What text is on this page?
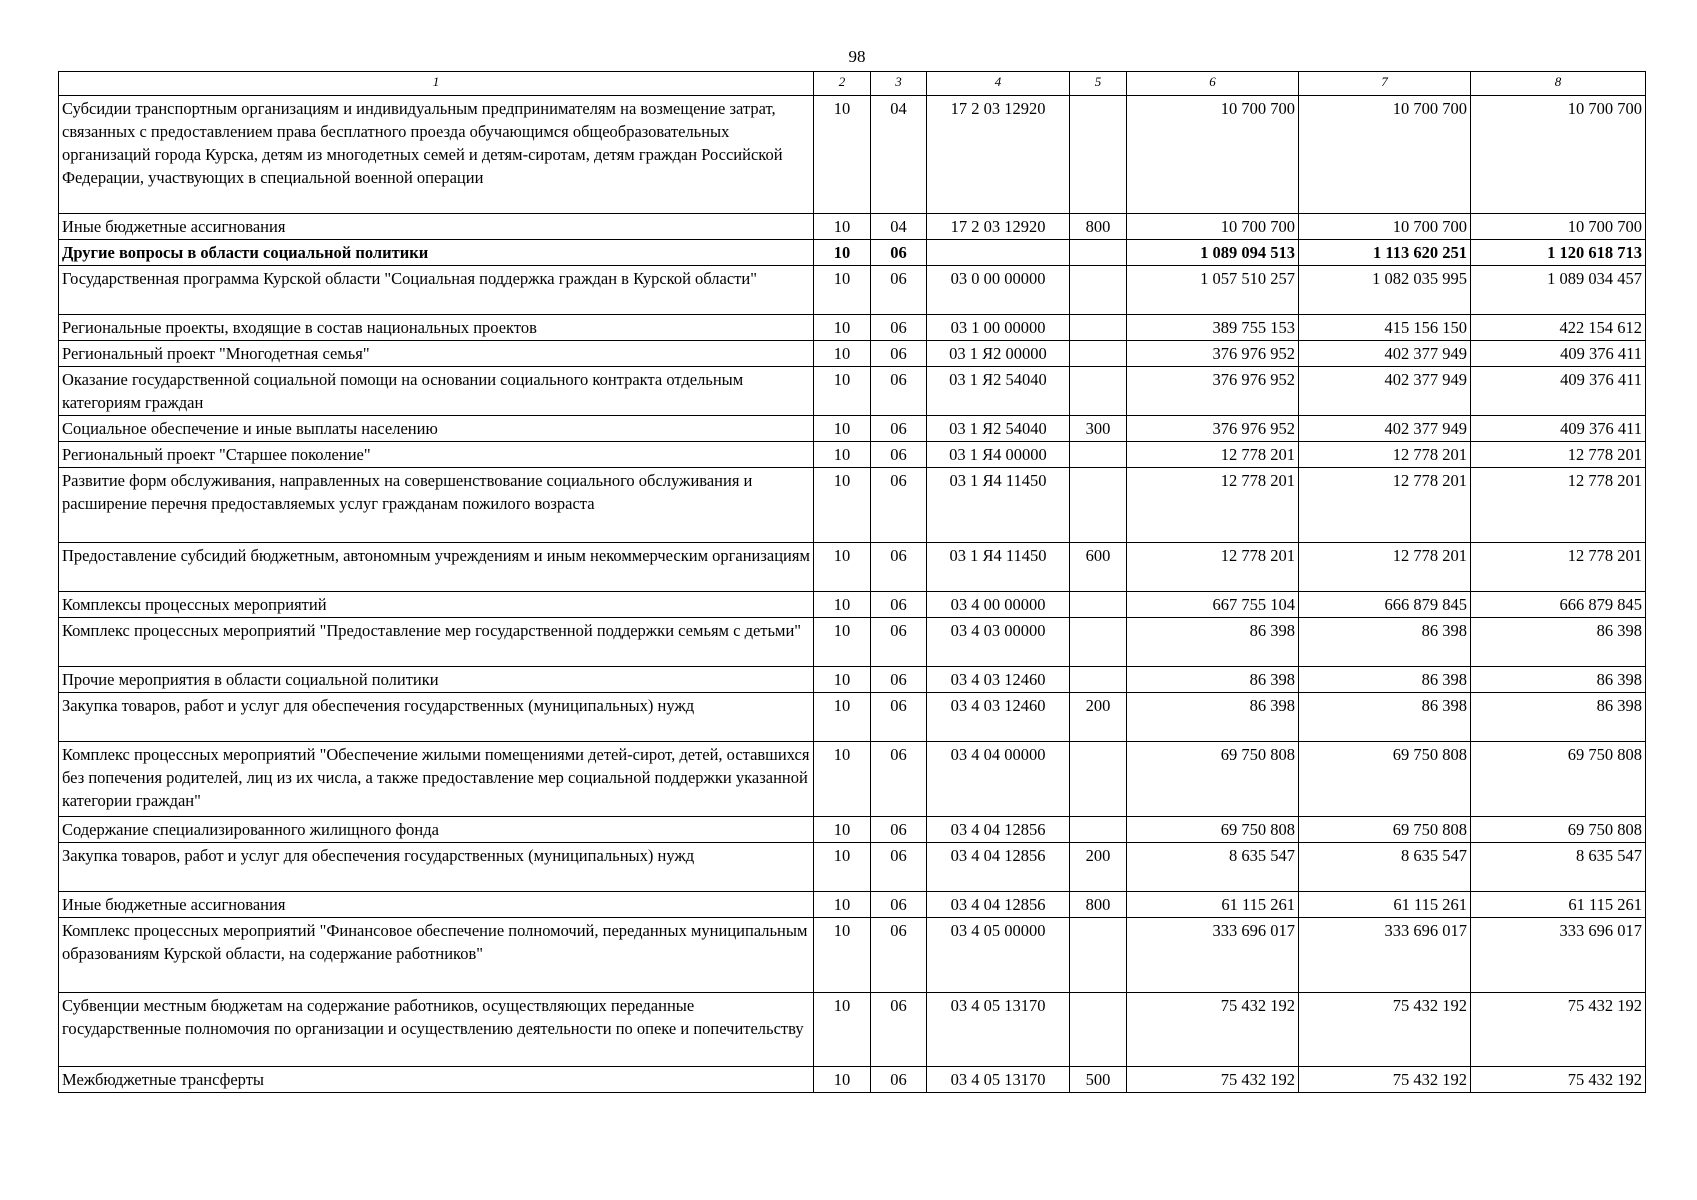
98
1	2	3	4	5	6	7	8
Субсидии транспортным организациям и индивидуальным предпринимателям на возмещение затрат, связанных с предоставлением права бесплатного проезда обучающимся общеобразовательных организаций города Курска, детям из многодетных семей и детям-сиротам, детям граждан Российской Федерации, участвующих в специальной военной операции	10	04	17 2 03 12920		10 700 700	10 700 700	10 700 700
Иные бюджетные ассигнования	10	04	17 2 03 12920	800	10 700 700	10 700 700	10 700 700
Другие вопросы в области социальной политики	10	06			1 089 094 513	1 113 620 251	1 120 618 713
Государственная программа Курской области "Социальная поддержка граждан в Курской области"	10	06	03 0 00 00000		1 057 510 257	1 082 035 995	1 089 034 457
Региональные проекты, входящие в состав национальных проектов	10	06	03 1 00 00000		389 755 153	415 156 150	422 154 612
Региональный проект "Многодетная семья"	10	06	03 1 Я2 00000		376 976 952	402 377 949	409 376 411
Оказание государственной социальной помощи на основании социального контракта отдельным категориям граждан	10	06	03 1 Я2 54040		376 976 952	402 377 949	409 376 411
Социальное обеспечение и иные выплаты населению	10	06	03 1 Я2 54040	300	376 976 952	402 377 949	409 376 411
Региональный проект "Старшее поколение"	10	06	03 1 Я4 00000		12 778 201	12 778 201	12 778 201
Развитие форм обслуживания, направленных на совершенствование социального обслуживания и расширение перечня предоставляемых услуг гражданам пожилого возраста	10	06	03 1 Я4 11450		12 778 201	12 778 201	12 778 201
Предоставление субсидий бюджетным, автономным учреждениям и иным некоммерческим организациям	10	06	03 1 Я4 11450	600	12 778 201	12 778 201	12 778 201
Комплексы процессных мероприятий	10	06	03 4 00 00000		667 755 104	666 879 845	666 879 845
Комплекс процессных мероприятий "Предоставление мер государственной поддержки семьям с детьми"	10	06	03 4 03 00000		86 398	86 398	86 398
Прочие мероприятия в области социальной политики	10	06	03 4 03 12460		86 398	86 398	86 398
Закупка товаров, работ и услуг для обеспечения государственных (муниципальных) нужд	10	06	03 4 03 12460	200	86 398	86 398	86 398
Комплекс процессных мероприятий "Обеспечение жилыми помещениями детей-сирот, детей, оставшихся без попечения родителей, лиц из их числа, а также предоставление мер социальной поддержки указанной категории граждан"	10	06	03 4 04 00000		69 750 808	69 750 808	69 750 808
Содержание специализированного жилищного фонда	10	06	03 4 04 12856		69 750 808	69 750 808	69 750 808
Закупка товаров, работ и услуг для обеспечения государственных (муниципальных) нужд	10	06	03 4 04 12856	200	8 635 547	8 635 547	8 635 547
Иные бюджетные ассигнования	10	06	03 4 04 12856	800	61 115 261	61 115 261	61 115 261
Комплекс процессных мероприятий "Финансовое обеспечение полномочий, переданных муниципальным образованиям Курской области, на содержание работников"	10	06	03 4 05 00000		333 696 017	333 696 017	333 696 017
Субвенции местным бюджетам на содержание работников, осуществляющих переданные государственные полномочия по организации и осуществлению деятельности по опеке и попечительству	10	06	03 4 05 13170		75 432 192	75 432 192	75 432 192
Межбюджетные трансферты	10	06	03 4 05 13170	500	75 432 192	75 432 192	75 432 192
